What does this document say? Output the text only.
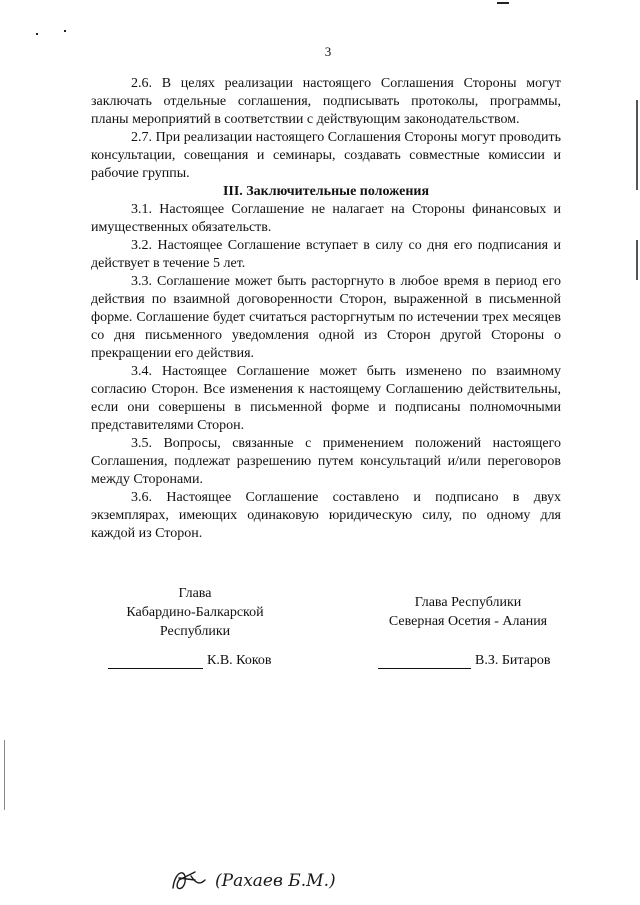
3

2.6. В целях реализации настоящего Соглашения Стороны могут заключать отдельные соглашения, подписывать протоколы, программы, планы мероприятий в соответствии с действующим законодательством.

2.7. При реализации настоящего Соглашения Стороны могут проводить консультации, совещания и семинары, создавать совместные комиссии и рабочие группы.

III. Заключительные положения

3.1. Настоящее Соглашение не налагает на Стороны финансовых и имущественных обязательств.

3.2. Настоящее Соглашение вступает в силу со дня его подписания и действует в течение 5 лет.

3.3. Соглашение может быть расторгнуто в любое время в период его действия по взаимной договоренности Сторон, выраженной в письменной форме. Соглашение будет считаться расторгнутым по истечении трех месяцев со дня письменного уведомления одной из Сторон другой Стороны о прекращении его действия.

3.4. Настоящее Соглашение может быть изменено по взаимному согласию Сторон. Все изменения к настоящему Соглашению действительны, если они совершены в письменной форме и подписаны полномочными представителями Сторон.

3.5. Вопросы, связанные с применением положений настоящего Соглашения, подлежат разрешению путем консультаций и/или переговоров между Сторонами.

3.6. Настоящее Соглашение составлено и подписано в двух экземплярах, имеющих одинаковую юридическую силу, по одному для каждой из Сторон.

Глава
Кабардино-Балкарской
Республики
Глава Республики
Северная Осетия - Алания
К.В. Коков	В.З. Битаров
(Рахаев Б.М.)
